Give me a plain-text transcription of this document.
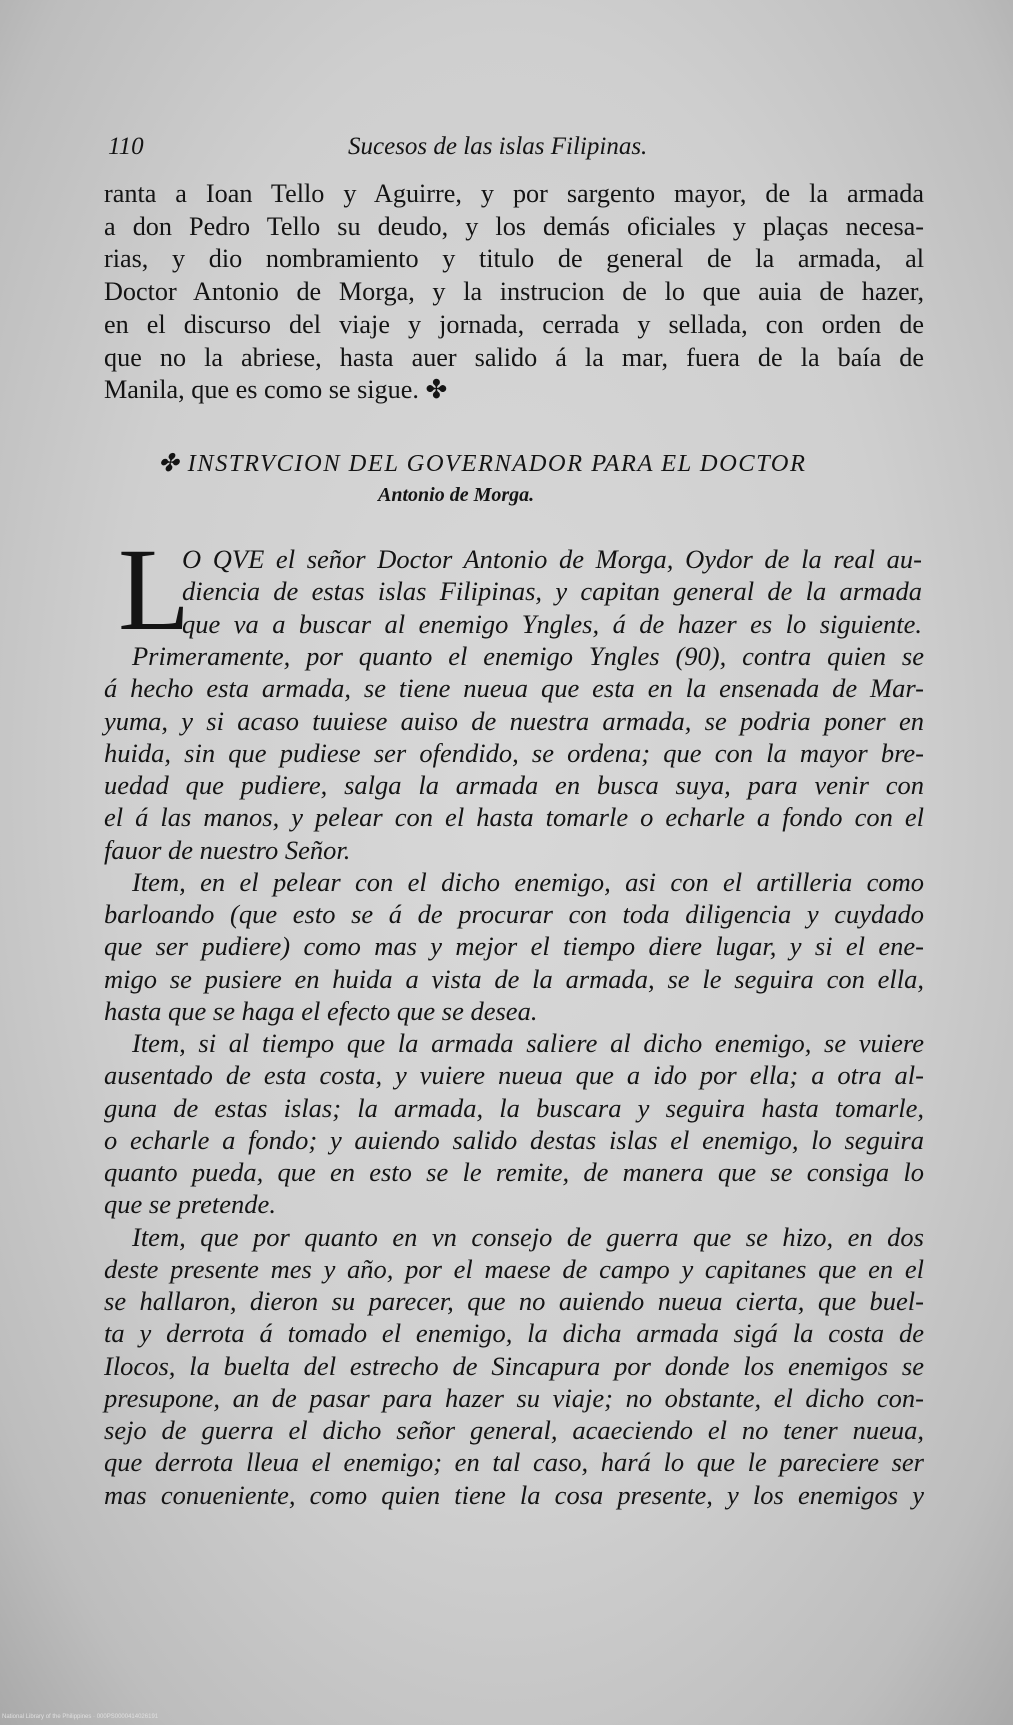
110	Sucesos de las islas Filipinas.
ranta a Ioan Tello y Aguirre, y por sargento mayor, de la armada
a don Pedro Tello su deudo, y los demás oficiales y plaças necesa-
rias, y dio nombramiento y titulo de general de la armada, al
Doctor Antonio de Morga, y la instrucion de lo que auia de hazer,
en el discurso del viaje y jornada, cerrada y sellada, con orden de
que no la abriese, hasta auer salido á la mar, fuera de la baía de
Manila, que es como se sigue. ✤
✤ INSTRVCION DEL GOVERNADOR PARA EL DOCTOR
Antonio de Morga.
L
O QVE el señor Doctor Antonio de Morga, Oydor de la real au-
diencia de estas islas Filipinas, y capitan general de la armada
que va a buscar al enemigo Yngles, á de hazer es lo siguiente.
Primeramente, por quanto el enemigo Yngles (90), contra quien se
á hecho esta armada, se tiene nueua que esta en la ensenada de Mar-
yuma, y si acaso tuuiese auiso de nuestra armada, se podria poner en
huida, sin que pudiese ser ofendido, se ordena; que con la mayor bre-
uedad que pudiere, salga la armada en busca suya, para venir con
el á las manos, y pelear con el hasta tomarle o echarle a fondo con el
fauor de nuestro Señor.
Item, en el pelear con el dicho enemigo, asi con el artilleria como
barloando (que esto se á de procurar con toda diligencia y cuydado
que ser pudiere) como mas y mejor el tiempo diere lugar, y si el ene-
migo se pusiere en huida a vista de la armada, se le seguira con ella,
hasta que se haga el efecto que se desea.
Item, si al tiempo que la armada saliere al dicho enemigo, se vuiere
ausentado de esta costa, y vuiere nueua que a ido por ella; a otra al-
guna de estas islas; la armada, la buscara y seguira hasta tomarle,
o echarle a fondo; y auiendo salido destas islas el enemigo, lo seguira
quanto pueda, que en esto se le remite, de manera que se consiga lo
que se pretende.
Item, que por quanto en vn consejo de guerra que se hizo, en dos
deste presente mes y año, por el maese de campo y capitanes que en el
se hallaron, dieron su parecer, que no auiendo nueua cierta, que buel-
ta y derrota á tomado el enemigo, la dicha armada sigá la costa de
Ilocos, la buelta del estrecho de Sincapura por donde los enemigos se
presupone, an de pasar para hazer su viaje; no obstante, el dicho con-
sejo de guerra el dicho señor general, acaeciendo el no tener nueua,
que derrota lleua el enemigo; en tal caso, hará lo que le pareciere ser
mas conueniente, como quien tiene la cosa presente, y los enemigos y
National Library of the Philippines · 000PS0000414026191
